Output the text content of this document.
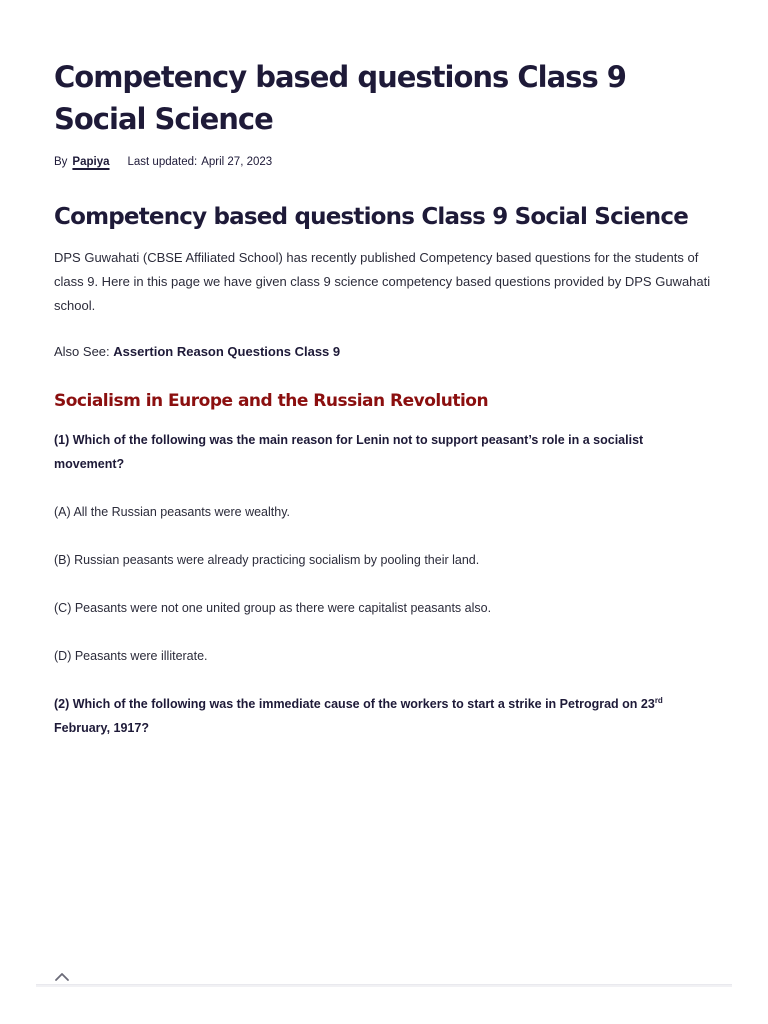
Competency based questions Class 9 Social Science
By Papiya Last updated: April 27, 2023
Competency based questions Class 9 Social Science

DPS Guwahati (CBSE Affiliated School) has recently published Competency based questions for the students of class 9. Here in this page we have given class 9 science competency based questions provided by DPS Guwahati school.

Also See: Assertion Reason Questions Class 9

Socialism in Europe and the Russian Revolution

(1) Which of the following was the main reason for Lenin not to support peasant’s role in a socialist movement?

(A) All the Russian peasants were wealthy.

(B) Russian peasants were already practicing socialism by pooling their land.

(C) Peasants were not one united group as there were capitalist peasants also.

(D) Peasants were illiterate.

(2) Which of the following was the immediate cause of the workers to start a strike in Petrograd on 23rd February, 1917?
